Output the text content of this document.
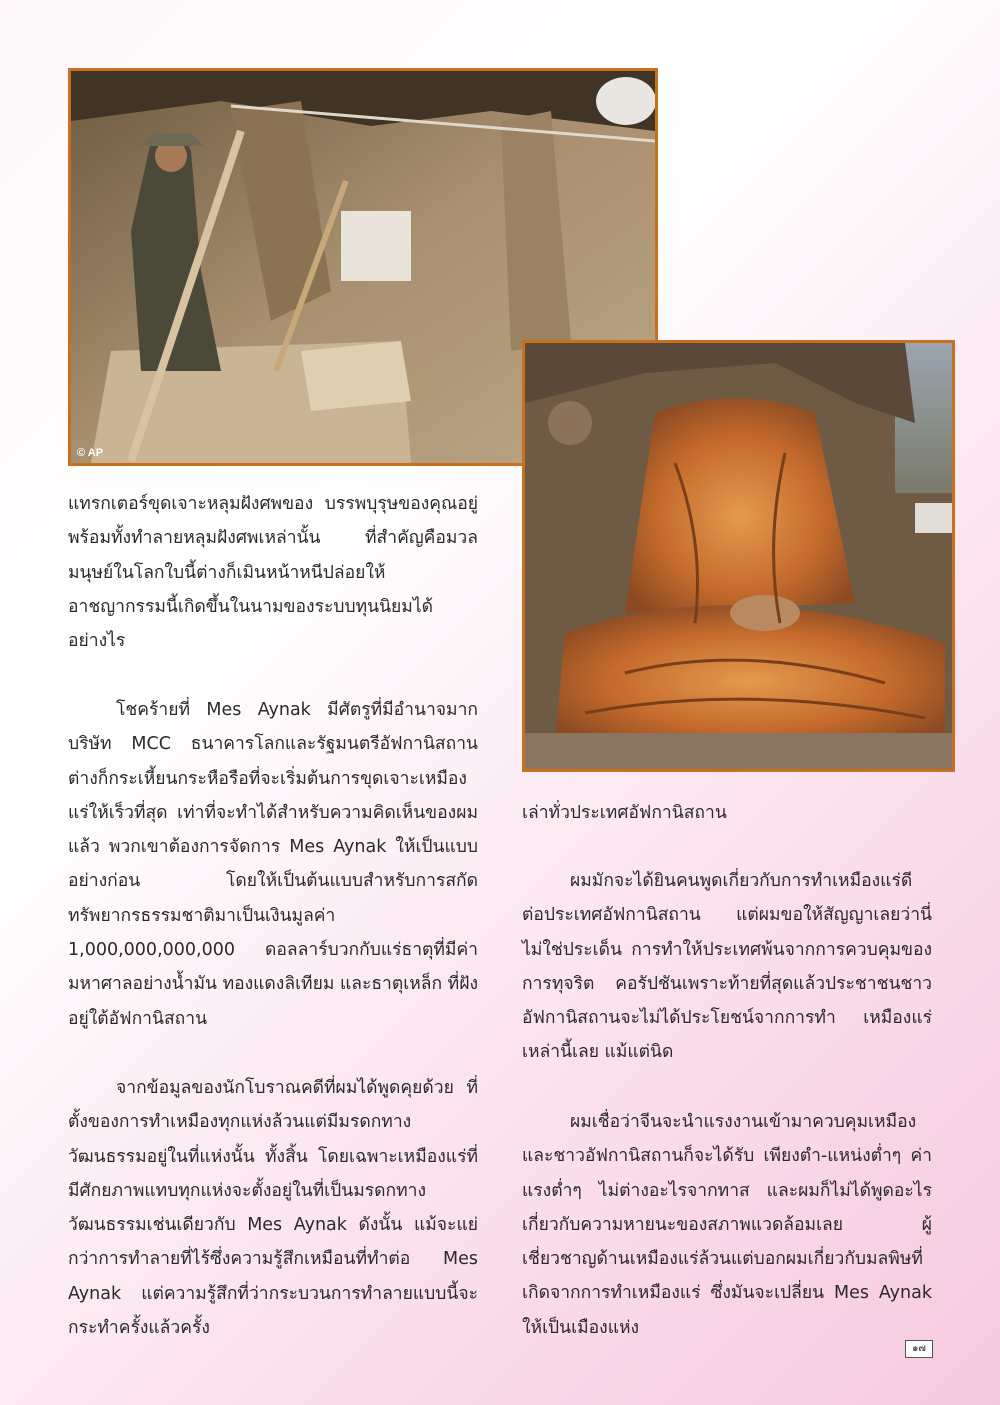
© AP

แทรกเตอร์ขุดเจาะหลุมฝังศพของ บรรพบุรุษของคุณอยู่ พร้อมทั้งทำลายหลุมฝังศพเหล่านั้น ที่สำคัญคือมวลมนุษย์ในโลกใบนี้ต่างก็เมินหน้าหนีปล่อยให้อาชญากรรมนี้เกิดขึ้นในนามของระบบทุนนิยมได้อย่างไร

โชคร้ายที่ Mes Aynak มีศัตรูที่มีอำนาจมาก บริษัท MCC ธนาคารโลกและรัฐมนตรีอัฟกานิสถาน ต่างก็กระเหี้ยนกระหือรือที่จะเริ่มต้นการขุดเจาะเหมืองแร่ให้เร็วที่สุด เท่าที่จะทำได้สำหรับความคิดเห็นของผมแล้ว พวกเขาต้องการจัดการ Mes Aynak ให้เป็นแบบอย่างก่อน โดยให้เป็นต้นแบบสำหรับการสกัดทรัพยากรธรรมชาติมาเป็นเงินมูลค่า 1,000,000,000,000 ดอลลาร์บวกกับแร่ธาตุที่มีค่ามหาศาลอย่างน้ำมัน ทองแดงลิเทียม และธาตุเหล็ก ที่ฝังอยู่ใต้อัฟกานิสถาน

จากข้อมูลของนักโบราณคดีที่ผมได้พูดคุยด้วย ที่ตั้งของการทำเหมืองทุกแห่งล้วนแต่มีมรดกทางวัฒนธรรมอยู่ในที่แห่งนั้น ทั้งสิ้น โดยเฉพาะเหมืองแร่ที่มีศักยภาพแทบทุกแห่งจะตั้งอยู่ในที่เป็นมรดกทาง วัฒนธรรมเช่นเดียวกับ Mes Aynak ดังนั้น แม้จะแย่กว่าการทำลายที่ไร้ซึ่งความรู้สึกเหมือนที่ทำต่อ Mes Aynak แต่ความรู้สึกที่ว่ากระบวนการทำลายแบบนี้จะกระทำครั้งแล้วครั้ง

เล่าทั่วประเทศอัฟกานิสถาน

ผมมักจะได้ยินคนพูดเกี่ยวกับการทำเหมืองแร่ดีต่อประเทศอัฟกานิสถาน แต่ผมขอให้สัญญาเลยว่านี่ไม่ใช่ประเด็น การทำให้ประเทศพ้นจากการควบคุมของการทุจริต คอรัปชันเพราะท้ายที่สุดแล้วประชาชนชาวอัฟกานิสถานจะไม่ได้ประโยชน์จากการทำ เหมืองแร่เหล่านี้เลย แม้แต่นิด

ผมเชื่อว่าจีนจะนำแรงงานเข้ามาควบคุมเหมืองและชาวอัฟกานิสถานก็จะได้รับ เพียงตำ-แหน่งต่ำๆ ค่าแรงต่ำๆ ไม่ต่างอะไรจากทาส และผมก็ไม่ได้พูดอะไรเกี่ยวกับความหายนะของสภาพแวดล้อมเลย ผู้เชี่ยวชาญด้านเหมืองแร่ล้วนแต่บอกผมเกี่ยวกับมลพิษที่เกิดจากการทำเหมืองแร่ ซึ่งมันจะเปลี่ยน Mes Aynak ให้เป็นเมืองแห่ง

๑๗
